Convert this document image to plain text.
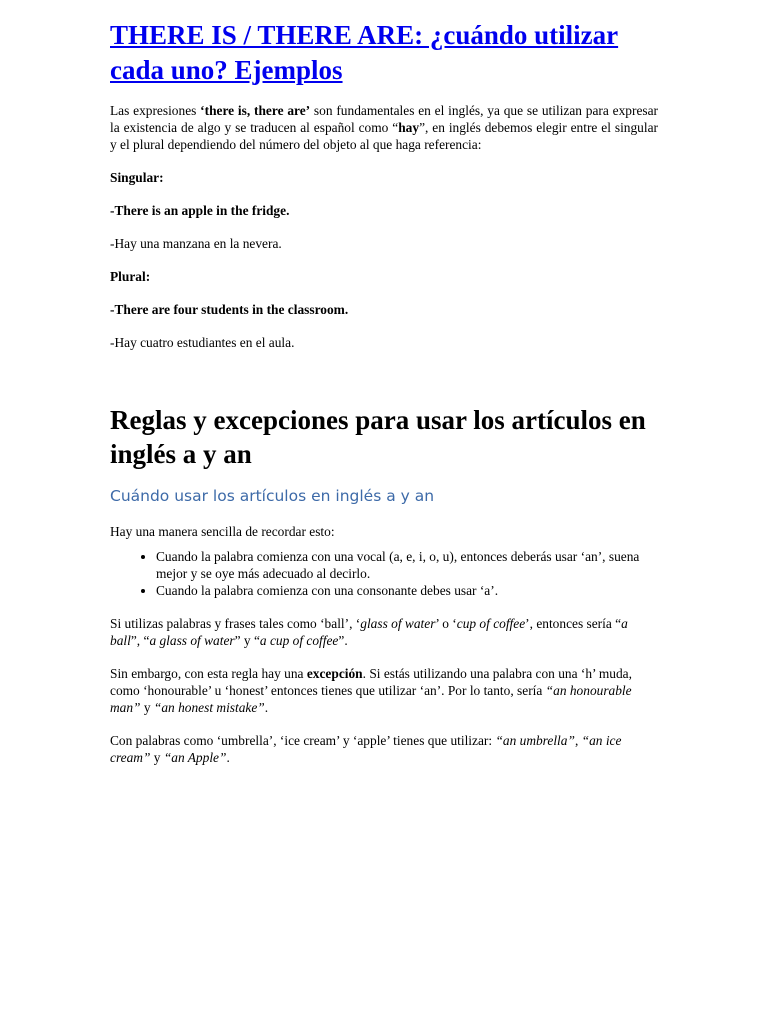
THERE IS / THERE ARE: ¿cuándo utilizar cada uno? Ejemplos

Las expresiones ‘there is, there are’ son fundamentales en el inglés, ya que se utilizan para expresar la existencia de algo y se traducen al español como “hay”, en inglés debemos elegir entre el singular y el plural dependiendo del número del objeto al que haga referencia:

Singular:

-There is an apple in the fridge.

-Hay una manzana en la nevera.

Plural:

-There are four students in the classroom.

-Hay cuatro estudiantes en el aula.

Reglas y excepciones para usar los artículos en inglés a y an
Cuándo usar los artículos en inglés a y an

Hay una manera sencilla de recordar esto:

• Cuando la palabra comienza con una vocal (a, e, i, o, u), entonces deberás usar ‘an’, suena mejor y se oye más adecuado al decirlo.
• Cuando la palabra comienza con una consonante debes usar ‘a’.

Si utilizas palabras y frases tales como ‘ball’, ‘glass of water’ o ‘cup of coffee’, entonces sería “a ball”, “a glass of water” y “a cup of coffee”.

Sin embargo, con esta regla hay una excepción. Si estás utilizando una palabra con una ‘h’ muda, como ‘honourable’ u ‘honest’ entonces tienes que utilizar ‘an’. Por lo tanto, sería “an honourable man” y “an honest mistake”.

Con palabras como ‘umbrella’, ‘ice cream’ y ‘apple’ tienes que utilizar: “an umbrella”, “an ice cream” y “an Apple”.
